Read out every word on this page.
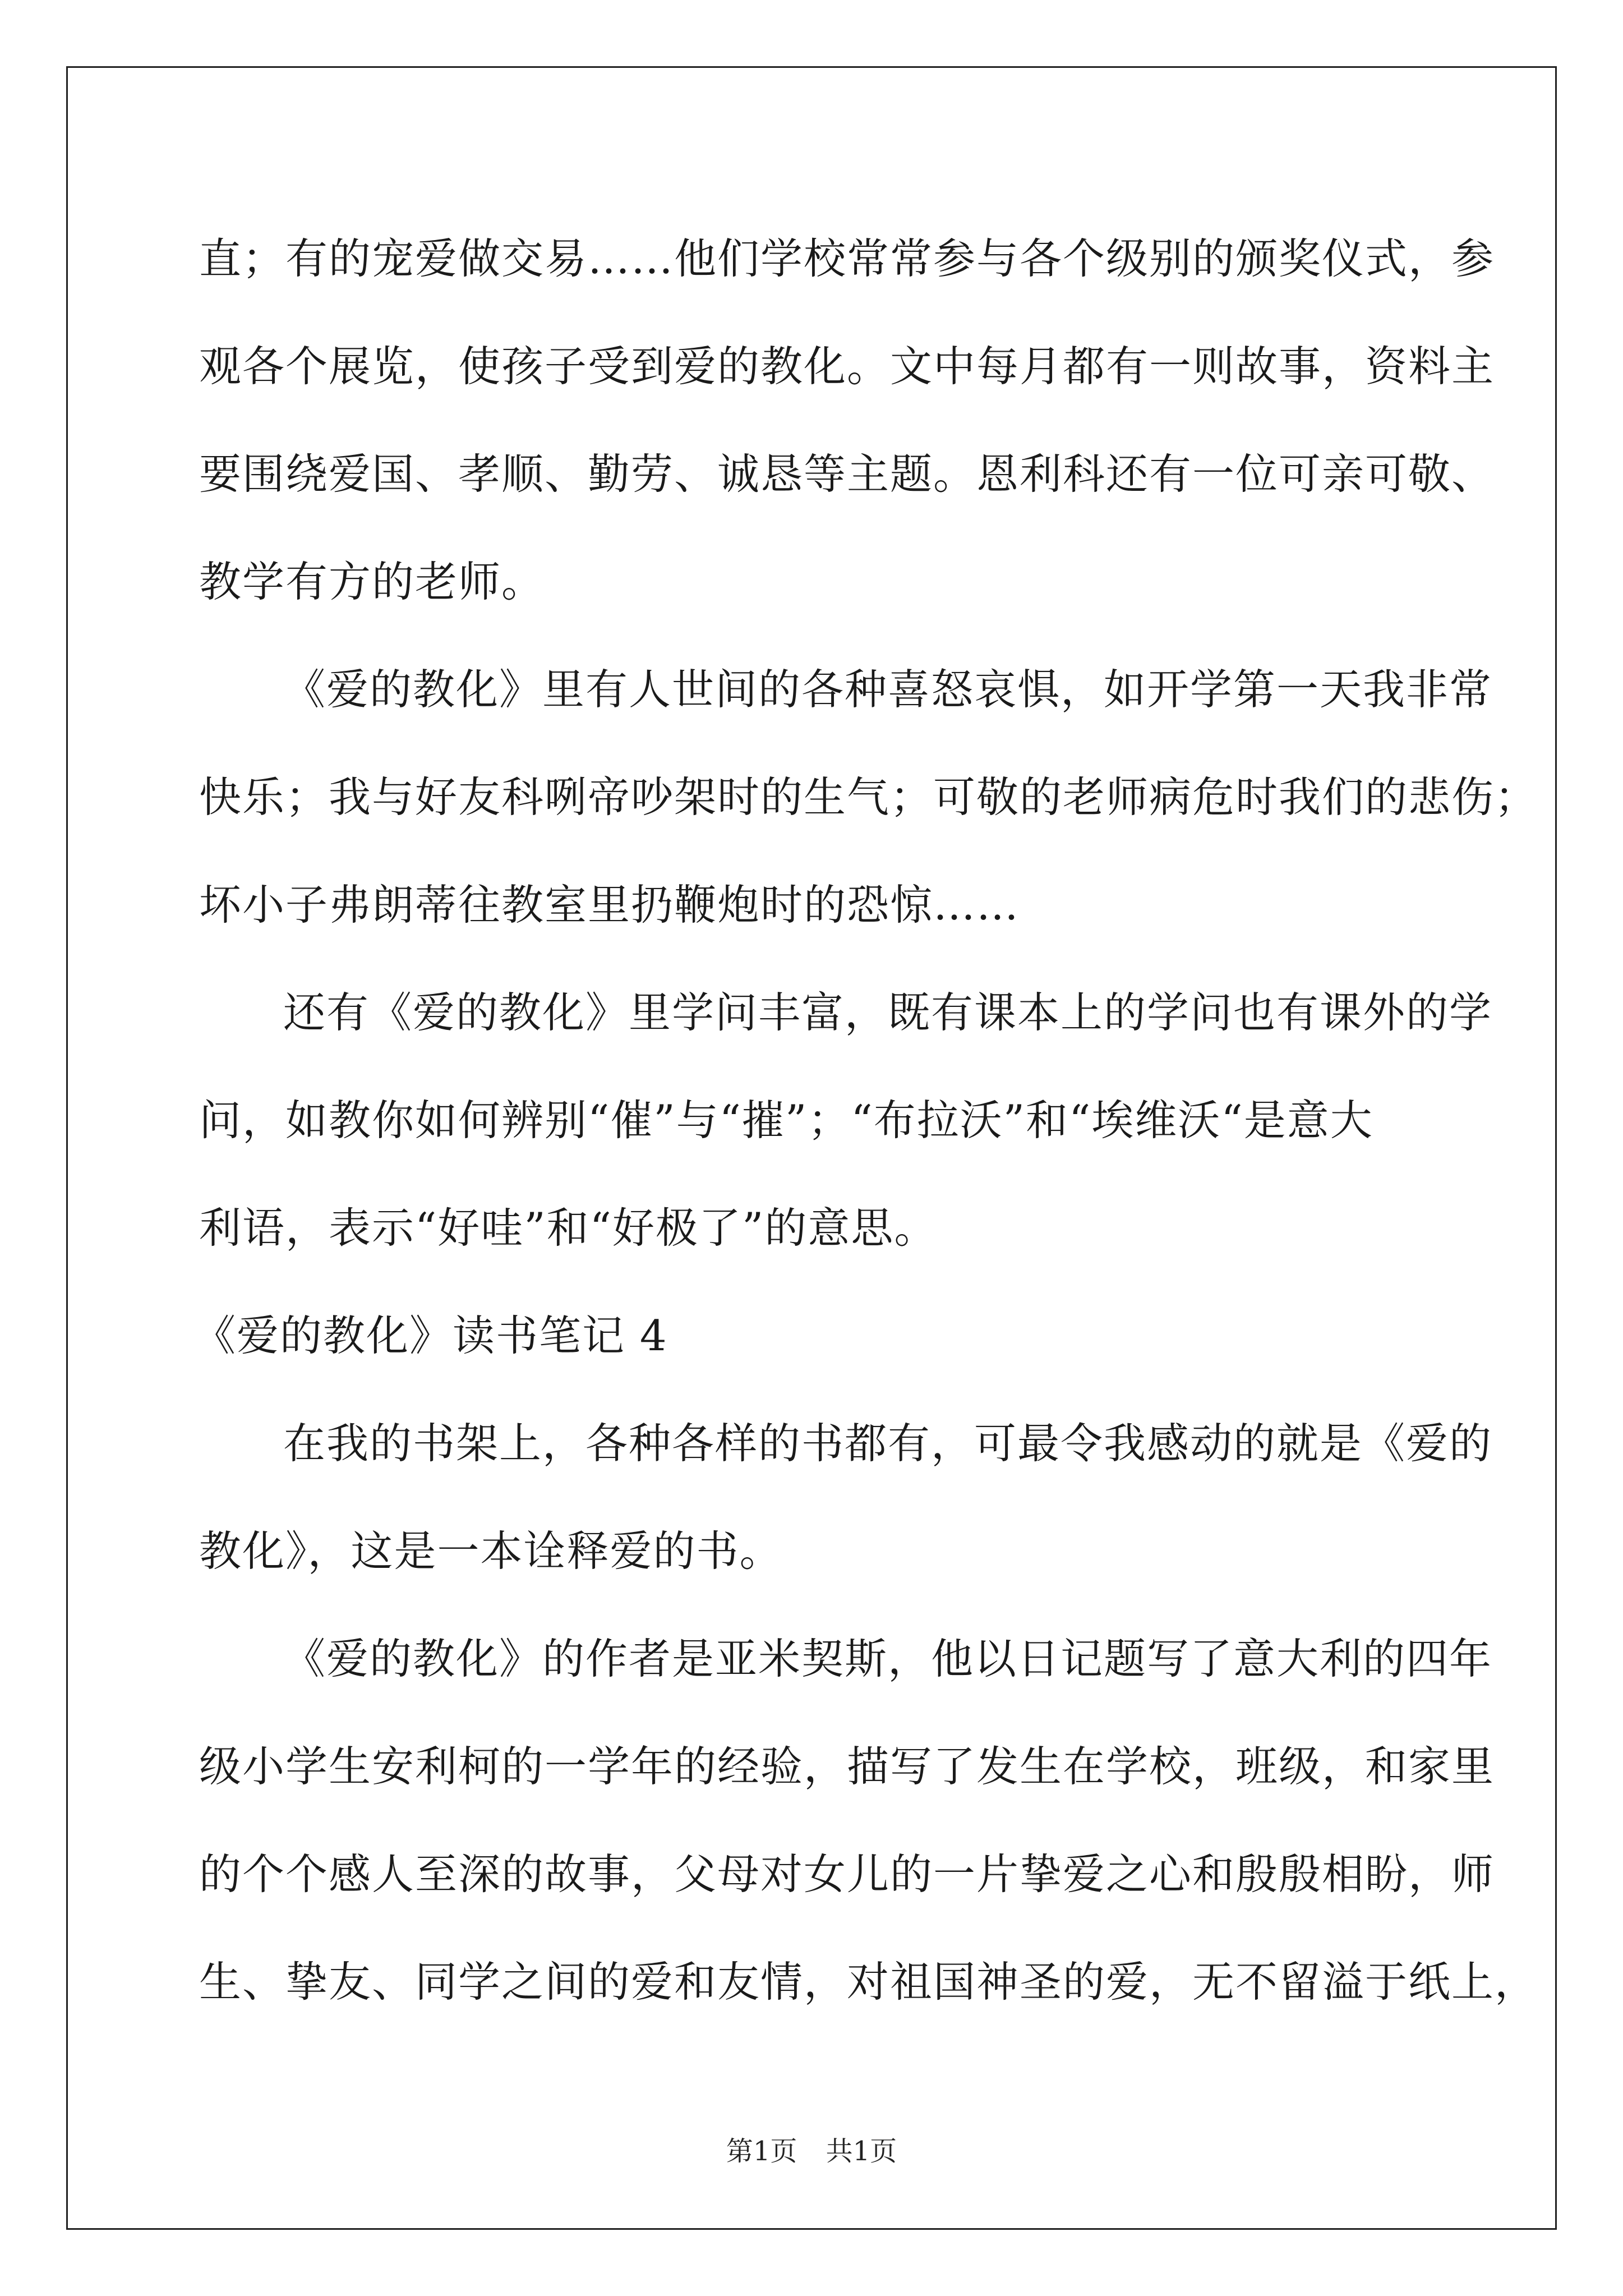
直；有的宠爱做交易……他们学校常常参与各个级别的颁奖仪式，参

观各个展览，使孩子受到爱的教化。文中每月都有一则故事，资料主

要围绕爱国、孝顺、勤劳、诚恳等主题。恩利科还有一位可亲可敬、

教学有方的老师。

《爱的教化》里有人世间的各种喜怒哀惧，如开学第一天我非常

快乐；我与好友科咧帝吵架时的生气；可敬的老师病危时我们的悲伤；

坏小子弗朗蒂往教室里扔鞭炮时的恐惊……

还有《爱的教化》里学问丰富，既有课本上的学问也有课外的学

问，如教你如何辨别“催”与“摧”；“布拉沃”和“埃维沃“是意大

利语，表示“好哇”和“好极了”的意思。

《爱的教化》读书笔记 4

在我的书架上，各种各样的书都有，可最令我感动的就是《爱的

教化》，这是一本诠释爱的书。

《爱的教化》的作者是亚米契斯，他以日记题写了意大利的四年

级小学生安利柯的一学年的经验，描写了发生在学校，班级，和家里

的个个感人至深的故事，父母对女儿的一片挚爱之心和殷殷相盼，师

生、挚友、同学之间的爱和友情，对祖国神圣的爱，无不留溢于纸上，

第1页 共1页
